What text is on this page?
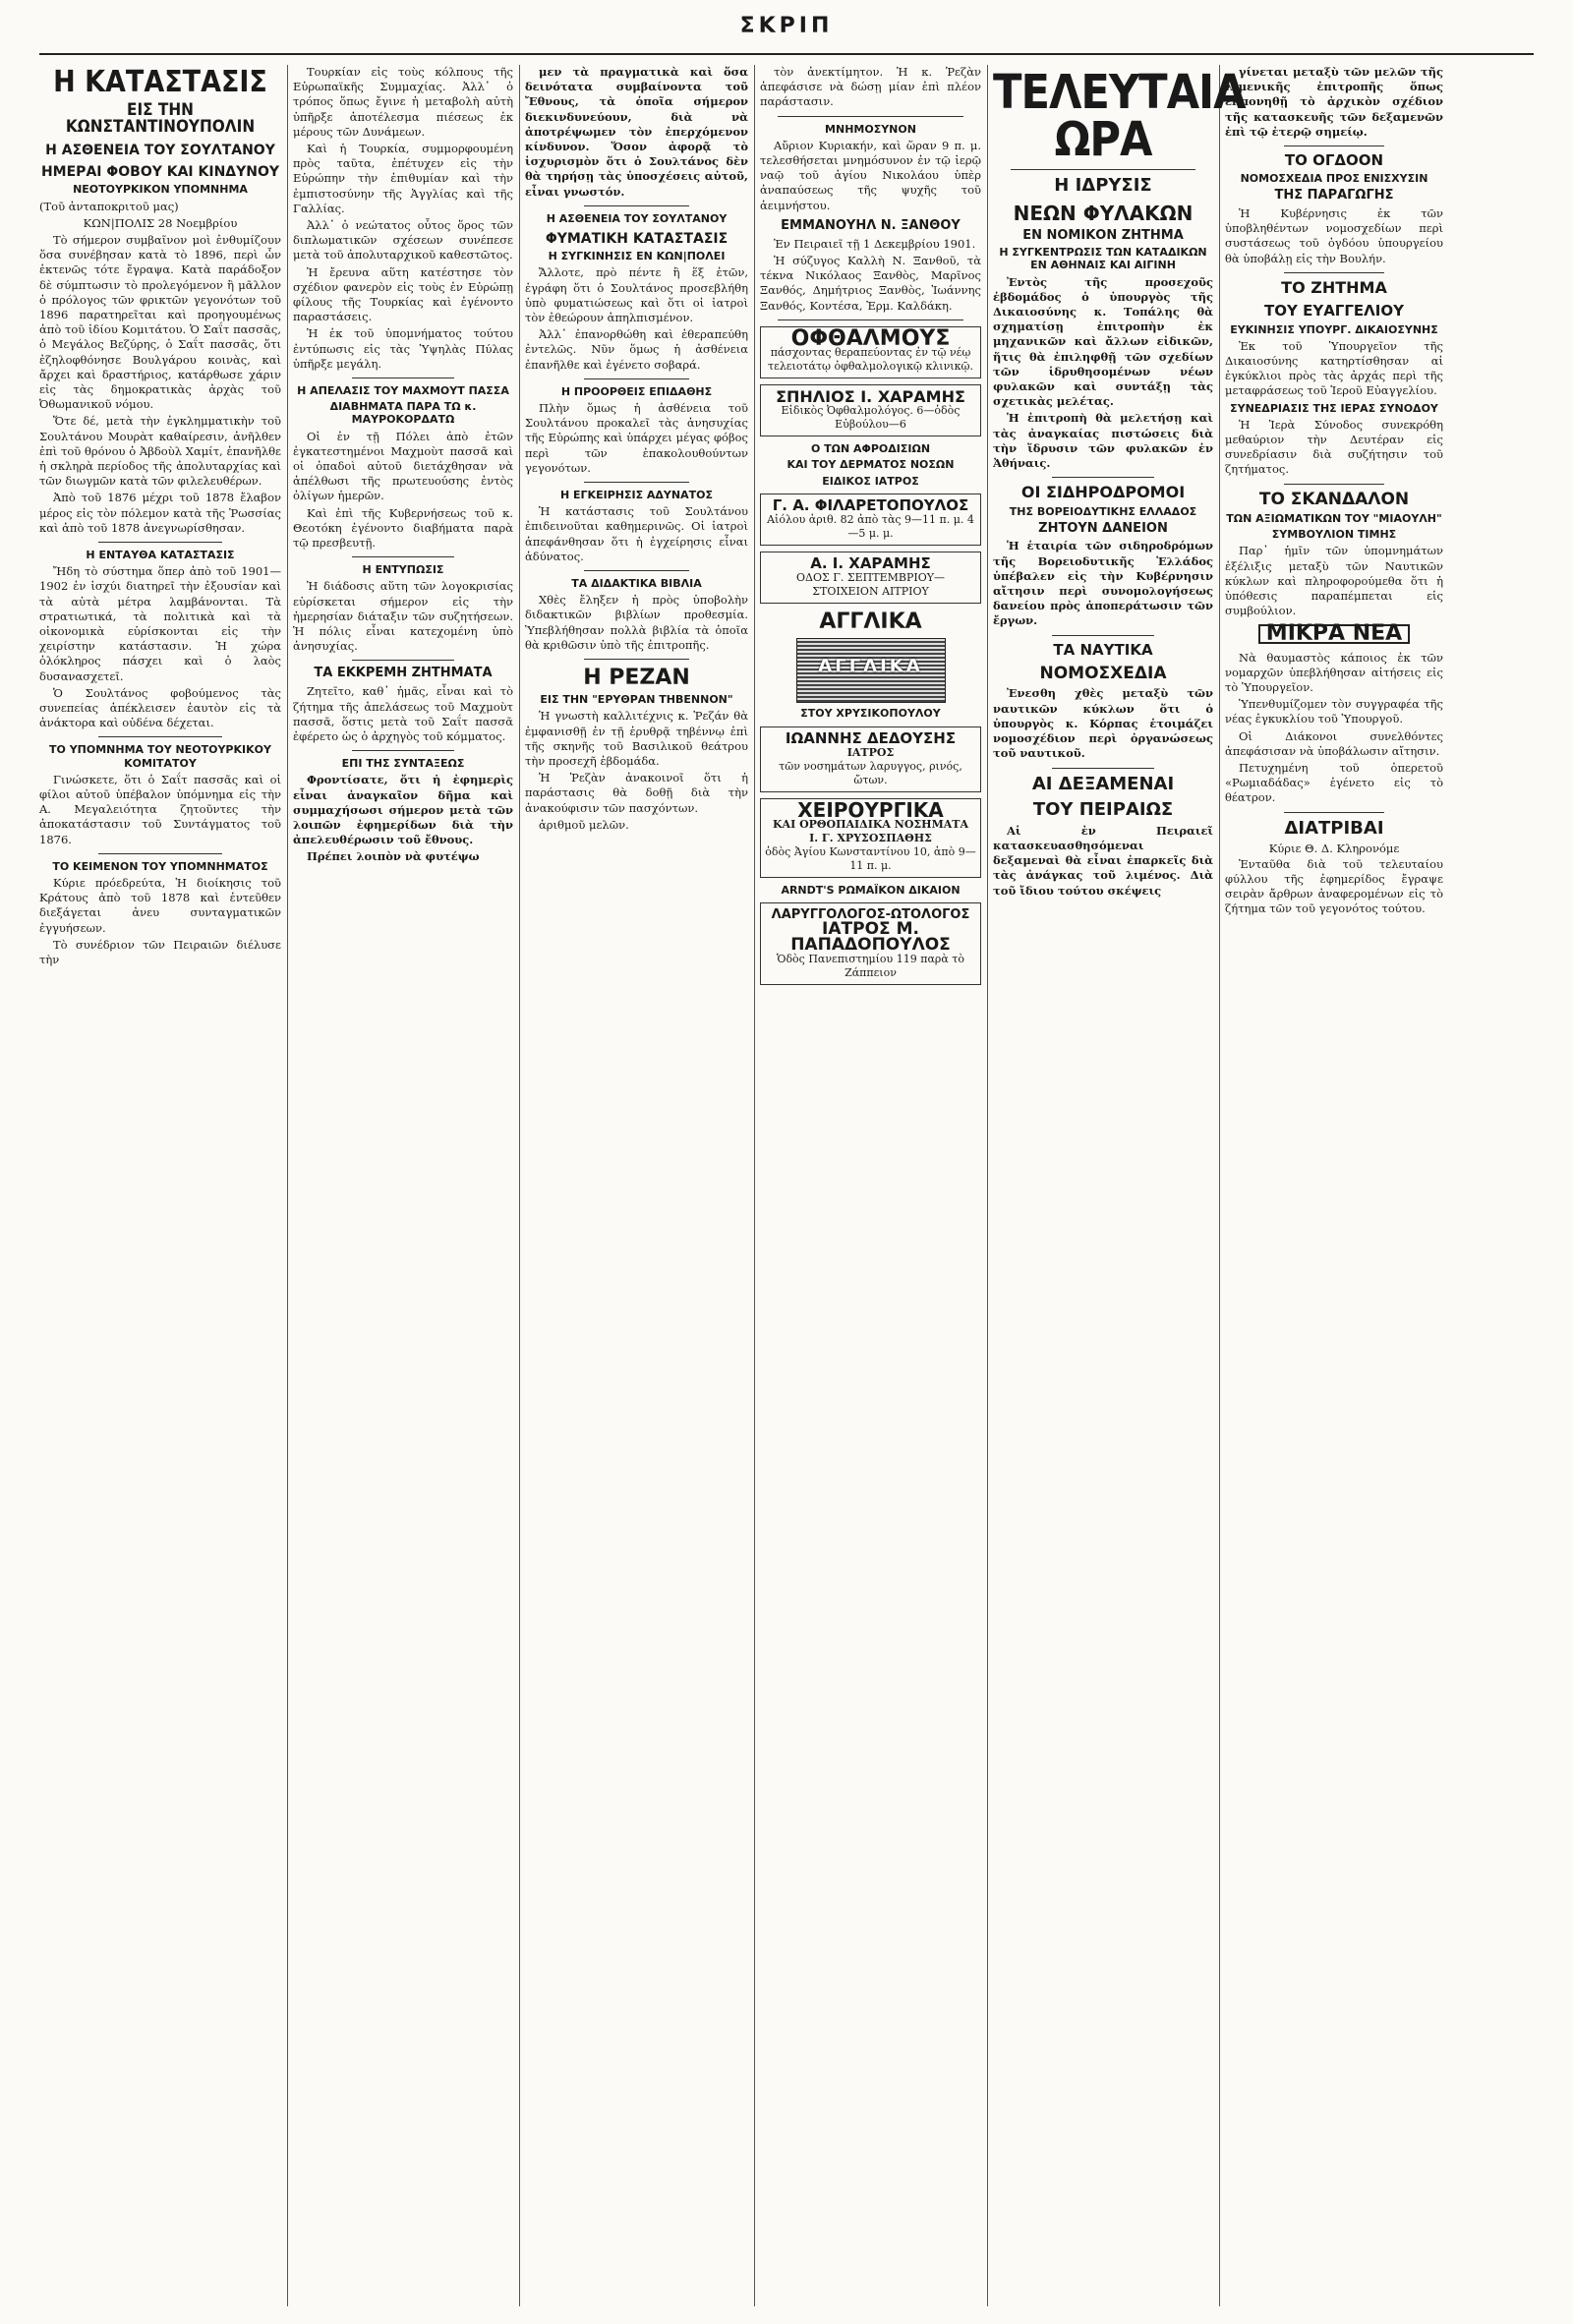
ΣΚΡΙΠ
Η ΚΑΤΑΣΤΑΣΙΣ
ΕΙΣ ΤΗΝ ΚΩΝΣΤΑΝΤΙΝΟΥΠΟΛΙΝ
Η ΑΣΘΕΝΕΙΑ ΤΟΥ ΣΟΥΛΤΑΝΟΥ
ΗΜΕΡΑΙ ΦΟΒΟΥ ΚΑΙ ΚΙΝΔΥΝΟΥ
ΝΕΟΤΟΥΡΚΙΚΟΝ ΥΠΟΜΝΗΜΑ
(Τοῦ ἀνταποκριτοῦ μας)
ΚΩΝ|ΠΟΛΙΣ 28 Νοεμβρίου

Τὸ σήμερον συμβαῖνον μοὶ ἐνθυμίζουν ὅσα συνέβησαν κατὰ τὸ 1896, περὶ ὧν ἐκτενῶς τότε ἔγραψα. Κατὰ παράδοξον δὲ σύμπτωσιν τὸ προλεγόμενον ἢ μᾶλλον ὁ πρόλογος τῶν φρικτῶν γεγονότων τοῦ 1896 παρατηρεῖται καὶ προηγουμένως ἀπὸ τοῦ ἰδίου Κομιτάτου. Ὁ Σαΐτ πασσᾶς, ὁ Μεγάλος Βεζύρης, ὁ Σαΐτ πασσᾶς, ὅτι ἐζηλοφθόνησε Βουλγάρου κοινὰς, καὶ ἄρχει καὶ δραστήριος, κατάρθωσε χάριν εἰς τὰς δημοκρατικὰς ἀρχὰς τοῦ Ὀθωμανικοῦ νόμου.

Ὅτε δέ, μετὰ τὴν ἐγκλημματικὴν τοῦ Σουλτάνου Μουρὰτ καθαίρεσιν, ἀνῆλθεν ἐπὶ τοῦ θρόνου ὁ Ἀβδοὺλ Χαμίτ, ἐπανῆλθε ἡ σκληρὰ περίοδος τῆς ἀπολυταρχίας καὶ τῶν διωγμῶν κατὰ τῶν φιλελευθέρων.

Ἀπὸ τοῦ 1876 μέχρι τοῦ 1878 ἔλαβον μέρος εἰς τὸν πόλεμον κατὰ τῆς Ῥωσσίας καὶ ἀπὸ τοῦ 1878 ἀνεγνωρίσθησαν.

Η ΕΝΤΑΥΘΑ ΚΑΤΑΣΤΑΣΙΣ

Ἤδη τὸ σύστημα ὅπερ ἀπὸ τοῦ 1901—1902 ἐν ἰσχύι διατηρεῖ τὴν ἐξουσίαν καὶ τὰ αὐτὰ μέτρα λαμβάνονται. Τὰ στρατιωτικά, τὰ πολιτικὰ καὶ τὰ οἰκονομικὰ εὑρίσκονται εἰς τὴν χειρίστην κατάστασιν. Ἡ χώρα ὁλόκληρος πάσχει καὶ ὁ λαὸς δυσανασχετεῖ.

Ὁ Σουλτάνος φοβούμενος τὰς συνεπείας ἀπέκλεισεν ἑαυτὸν εἰς τὰ ἀνάκτορα καὶ οὐδένα δέχεται.

ΤΟ ΥΠΟΜΝΗΜΑ ΤΟΥ ΝΕΟΤΟΥΡΚΙΚΟΥ ΚΟΜΙΤΑΤΟΥ

Γινώσκετε, ὅτι ὁ Σαΐτ πασσᾶς καὶ οἱ φίλοι αὐτοῦ ὑπέβαλον ὑπόμνημα εἰς τὴν Α. Μεγαλειότητα ζητοῦντες τὴν ἀποκατάστασιν τοῦ Συντάγματος τοῦ 1876.

ΤΟ ΚΕΙΜΕΝΟΝ ΤΟΥ ΥΠΟΜΝΗΜΑΤΟΣ

Κύριε πρόεδρεύτα, Ἡ διοίκησις τοῦ Κράτους ἀπὸ τοῦ 1878 καὶ ἐντεῦθεν διεξάγεται ἀνευ συνταγματικῶν ἐγγυήσεων.

Τὸ συνέδριον τῶν Πειραιῶν διέλυσε τὴν

Τουρκίαν εἰς τοὺς κόλπους τῆς Εὐρωπαϊκῆς Συμμαχίας. Ἀλλ᾽ ὁ τρόπος ὅπως ἔγινε ἡ μεταβολὴ αὐτὴ ὑπῆρξε ἀποτέλεσμα πιέσεως ἐκ μέρους τῶν Δυνάμεων.

Καὶ ἡ Τουρκία, συμμορφουμένη πρὸς ταῦτα, ἐπέτυχεν εἰς τὴν Εὐρώπην τὴν ἐπιθυμίαν καὶ τὴν ἐμπιστοσύνην τῆς Ἀγγλίας καὶ τῆς Γαλλίας.

Ἀλλ᾽ ὁ νεώτατος οὗτος ὅρος τῶν διπλωματικῶν σχέσεων συνέπεσε μετὰ τοῦ ἀπολυταρχικοῦ καθεστῶτος.

Ἡ ἔρευνα αὕτη κατέστησε τὸν σχέδιον φανερὸν εἰς τοὺς ἐν Εὐρώπῃ φίλους τῆς Τουρκίας καὶ ἐγένοντο παραστάσεις.

Ἡ ἐκ τοῦ ὑπομνήματος τούτου ἐντύπωσις εἰς τὰς Ὑψηλὰς Πύλας ὑπῆρξε μεγάλη.

Η ΑΠΕΛΑΣΙΣ ΤΟΥ ΜΑΧΜΟΥΤ ΠΑΣΣΑ
ΔΙΑΒΗΜΑΤΑ ΠΑΡΑ ΤΩ κ. ΜΑΥΡΟΚΟΡΔΑΤΩ

Οἱ ἐν τῇ Πόλει ἀπὸ ἐτῶν ἐγκατεστημένοι Μαχμοὺτ πασσᾶ καὶ οἱ ὀπαδοὶ αὐτοῦ διετάχθησαν νὰ ἀπέλθωσι τῆς πρωτευούσης ἐντὸς ὀλίγων ἡμερῶν.

Καὶ ἐπὶ τῆς Κυβερνήσεως τοῦ κ. Θεοτόκη ἐγένοντο διαβήματα παρὰ τῷ πρεσβευτῇ.

Η ΕΝΤΥΠΩΣΙΣ

Ἡ διάδοσις αὕτη τῶν λογοκρισίας εὑρίσκεται σήμερον εἰς τὴν ἡμερησίαν διάταξιν τῶν συζητήσεων. Ἡ πόλις εἶναι κατεχομένη ὑπὸ ἀνησυχίας.

ΤΑ ΕΚΚΡΕΜΗ ΖΗΤΗΜΑΤΑ

Ζητεῖτο, καθ᾽ ἡμᾶς, εἶναι καὶ τὸ ζήτημα τῆς ἀπελάσεως τοῦ Μαχμοὺτ πασσᾶ, ὅστις μετὰ τοῦ Σαΐτ πασσᾶ ἐφέρετο ὡς ὁ ἀρχηγὸς τοῦ κόμματος.

ΕΠΙ ΤΗΣ ΣΥΝΤΑΞΕΩΣ

Φροντίσατε, ὅτι ἡ ἐφημερὶς εἶναι ἀναγκαῖον δῆμα καὶ συμμαχήσωσι σήμερον μετὰ τῶν λοιπῶν ἐφημερίδων διὰ τὴν ἀπελευθέρωσιν τοῦ ἔθνους.

Πρέπει λοιπὸν νὰ φυτέψω

μεν τὰ πραγματικὰ καὶ ὅσα δεινότατα συμβαίνοντα τοῦ Ἔθνους, τὰ ὁποῖα σήμερον διεκινδυνεύουν, διὰ νὰ ἀποτρέψωμεν τὸν ἐπερχόμενον κίνδυνον. Ὅσον ἀφορᾷ τὸ ἰσχυρισμὸν ὅτι ὁ Σουλτάνος δὲν θὰ τηρήσῃ τὰς ὑποσχέσεις αὐτοῦ, εἶναι γνωστόν.

Η ΑΣΘΕΝΕΙΑ ΤΟΥ ΣΟΥΛΤΑΝΟΥ
ΦΥΜΑΤΙΚΗ ΚΑΤΑΣΤΑΣΙΣ
Η ΣΥΓΚΙΝΗΣΙΣ ΕΝ ΚΩΝ|ΠΟΛΕΙ

Ἄλλοτε, πρὸ πέντε ἢ ἕξ ἐτῶν, ἐγράφη ὅτι ὁ Σουλτάνος προσεβλήθη ὑπὸ φυματιώσεως καὶ ὅτι οἱ ἰατροὶ τὸν ἐθεώρουν ἀπηλπισμένον.

Ἀλλ᾽ ἐπανορθώθη καὶ ἐθεραπεύθη ἐντελῶς. Νῦν ὅμως ἡ ἀσθένεια ἐπανῆλθε καὶ ἐγένετο σοβαρά.

Η ΠΡΟΟΡΘΕΙΣ ΕΠΙΔΑΘΗΣ

Πλὴν ὅμως ἡ ἀσθένεια τοῦ Σουλτάνου προκαλεῖ τὰς ἀνησυχίας τῆς Εὐρώπης καὶ ὑπάρχει μέγας φόβος περὶ τῶν ἐπακολουθούντων γεγονότων.

Η ΕΓΚΕΙΡΗΣΙΣ ΑΔΥΝΑΤΟΣ

Ἡ κατάστασις τοῦ Σουλτάνου ἐπιδεινοῦται καθημερινῶς. Οἱ ἰατροὶ ἀπεφάνθησαν ὅτι ἡ ἐγχείρησις εἶναι ἀδύνατος.

ΤΑ ΔΙΔΑΚΤΙΚΑ ΒΙΒΛΙΑ

Χθὲς ἔληξεν ἡ πρὸς ὑποβολὴν διδακτικῶν βιβλίων προθεσμία. Ὑπεβλήθησαν πολλὰ βιβλία τὰ ὁποῖα θὰ κριθῶσιν ὑπὸ τῆς ἐπιτροπῆς.

Η ΡΕΖΑΝ
ΕΙΣ ΤΗΝ "ΕΡΥΘΡΑΝ ΤΗΒΕΝΝΟΝ"

Ἡ γνωστὴ καλλιτέχνις κ. Ῥεζάν θὰ ἐμφανισθῇ ἐν τῇ ἐρυθρᾷ τηβέννῳ ἐπὶ τῆς σκηνῆς τοῦ Βασιλικοῦ θεάτρου τὴν προσεχῆ ἑβδομάδα.

Ἡ Ῥεζὰν ἀνακοινοῖ ὅτι ἡ παράστασις θὰ δοθῇ διὰ τὴν ἀνακούφισιν τῶν πασχόντων.

ἀριθμοῦ μελῶν.

τὸν ἀνεκτίμητον. Ἡ κ. Ῥεζὰν ἀπεφάσισε νὰ δώσῃ μίαν ἐπὶ πλέον παράστασιν.

ΜΝΗΜΟΣΥΝΟΝ

Αὔριον Κυριακήν, καὶ ὥραν 9 π. μ. τελεσθήσεται μνημόσυνον ἐν τῷ ἱερῷ ναῷ τοῦ ἁγίου Νικολάου ὑπὲρ ἀναπαύσεως τῆς ψυχῆς τοῦ ἀειμνήστου.

ΕΜΜΑΝΟΥΗΛ Ν. ΞΑΝΘΟΥ

Ἐν Πειραιεῖ τῇ 1 Δεκεμβρίου 1901.

Ἡ σύζυγος Καλλὴ Ν. Ξανθοῦ, τὰ τέκνα Νικόλαος Ξανθὸς, Μαρῖνος Ξανθός, Δημήτριος Ξανθὸς, Ἰωάννης Ξανθός, Κοντέσα, Ἑρμ. Καλδάκη.

ΟΦΘΑΛΜΟΥΣ
πάσχοντας θεραπεύοντας ἐν τῷ νέῳ τελειοτάτῳ ὀφθαλμολογικῷ κλινικῷ.
ΣΠΗΛΙΟΣ Ι. ΧΑΡΑΜΗΣ
Εἰδικὸς Ὀφθαλμολόγος. 6—ὁδὸς Εὐβούλου—6
Ο ΤΩΝ ΑΦΡΟΔΙΣΙΩΝ
ΚΑΙ ΤΟΥ ΔΕΡΜΑΤΟΣ ΝΟΣΩΝ
ΕΙΔΙΚΟΣ ΙΑΤΡΟΣ
Γ. Α. ΦΙΛΑΡΕΤΟΠΟΥΛΟΣ
Αἰόλου ἀριθ. 82 ἀπὸ τὰς 9—11 π. μ. 4—5 μ. μ.
Α. Ι. ΧΑΡΑΜΗΣ
ΟΔΟΣ Γ. ΣΕΠΤΕΜΒΡΙΟΥ—ΣΤΟΙΧΕΙΟΝ ΑΙΤΡΙΟΥ
ΑΓΓΛΙΚΑ
ΑΓΓΛΙΚΑ
ΣΤΟΥ ΧΡΥΣΙΚΟΠΟΥΛΟΥ
ΙΩΑΝΝΗΣ ΔΕΔΟΥΣΗΣ
ΙΑΤΡΟΣ
τῶν νοσημάτων λαρυγγος, ρινός, ὤτων.
ΧΕΙΡΟΥΡΓΙΚΑ
ΚΑΙ ΟΡΘΟΠΑΙΔΙΚΑ ΝΟΣΗΜΑΤΑ
Ι. Γ. ΧΡΥΣΟΣΠΑΘΗΣ
ὁδὸς Ἀγίου Κωνσταντίνου 10, ἀπὸ 9—11 π. μ.
ARNDT'S ΡΩΜΑΪΚΟΝ ΔΙΚΑΙΟΝ
ΛΑΡΥΓΓΟΛΟΓΟΣ-ΩΤΟΛΟΓΟΣ
ΙΑΤΡΟΣ Μ. ΠΑΠΑΔΟΠΟΥΛΟΣ
Ὁδὸς Πανεπιστημίου 119 παρὰ τὸ Ζάππειον
ΤΕΛΕΥΤΑΙΑ ΩΡΑ
Η ΙΔΡΥΣΙΣ
ΝΕΩΝ ΦΥΛΑΚΩΝ
ΕΝ ΝΟΜΙΚΟΝ ΖΗΤΗΜΑ
Η ΣΥΓΚΕΝΤΡΩΣΙΣ ΤΩΝ ΚΑΤΑΔΙΚΩΝ ΕΝ ΑΘΗΝΑΙΣ ΚΑΙ ΑΙΓΙΝΗ

Ἐντὸς τῆς προσεχοῦς ἑβδομάδος ὁ ὑπουργὸς τῆς Δικαιοσύνης κ. Τοπάλης θὰ σχηματίσῃ ἐπιτροπὴν ἐκ μηχανικῶν καὶ ἄλλων εἰδικῶν, ἥτις θὰ ἐπιληφθῇ τῶν σχεδίων τῶν ἱδρυθησομένων νέων φυλακῶν καὶ συντάξῃ τὰς σχετικὰς μελέτας.

Ἡ ἐπιτροπὴ θὰ μελετήσῃ καὶ τὰς ἀναγκαίας πιστώσεις διὰ τὴν ἵδρυσιν τῶν φυλακῶν ἐν Ἀθήναις.

ΟΙ ΣΙΔΗΡΟΔΡΟΜΟΙ
ΤΗΣ ΒΟΡΕΙΟΔΥΤΙΚΗΣ ΕΛΛΑΔΟΣ
ΖΗΤΟΥΝ ΔΑΝΕΙΟΝ

Ἡ ἑταιρία τῶν σιδηροδρόμων τῆς Βορειοδυτικῆς Ἑλλάδος ὑπέβαλεν εἰς τὴν Κυβέρνησιν αἴτησιν περὶ συνομολογήσεως δανείου πρὸς ἀποπεράτωσιν τῶν ἔργων.

ΤΑ ΝΑΥΤΙΚΑ
ΝΟΜΟΣΧΕΔΙΑ

Ἐνεσθη χθὲς μεταξὺ τῶν ναυτικῶν κύκλων ὅτι ὁ ὑπουργὸς κ. Κόρπας ἑτοιμάζει νομοσχέδιον περὶ ὀργανώσεως τοῦ ναυτικοῦ.

ΑΙ ΔΕΞΑΜΕΝΑΙ
ΤΟΥ ΠΕΙΡΑΙΩΣ

Αἱ ἐν Πειραιεῖ κατασκευασθησόμεναι δεξαμεναὶ θὰ εἶναι ἐπαρκεῖς διὰ τὰς ἀνάγκας τοῦ λιμένος. Διὰ τοῦ ἴδιου τούτου σκέψεις

γίνεται μεταξὺ τῶν μελῶν τῆς λιμενικῆς ἐπιτροπῆς ὅπως ἐκπονηθῇ τὸ ἀρχικὸν σχέδιον τῆς κατασκευῆς τῶν δεξαμενῶν ἐπὶ τῷ ἐτερῷ σημείῳ.

ΤΟ ΟΓΔΟΟΝ
ΝΟΜΟΣΧΕΔΙΑ ΠΡΟΣ ΕΝΙΣΧΥΣΙΝ
ΤΗΣ ΠΑΡΑΓΩΓΗΣ

Ἡ Κυβέρνησις ἐκ τῶν ὑποβληθέντων νομοσχεδίων περὶ συστάσεως τοῦ ὀγδόου ὑπουργείου θὰ ὑποβάλῃ εἰς τὴν Βουλήν.

ΤΟ ΖΗΤΗΜΑ
ΤΟΥ ΕΥΑΓΓΕΛΙΟΥ
ΕΥΚΙΝΗΣΙΣ ΥΠΟΥΡΓ. ΔΙΚΑΙΟΣΥΝΗΣ

Ἐκ τοῦ Ὑπουργεῖον τῆς Δικαιοσύνης κατηρτίσθησαν αἱ ἐγκύκλιοι πρὸς τὰς ἀρχάς περὶ τῆς μεταφράσεως τοῦ Ἱεροῦ Εὐαγγελίου.

ΣΥΝΕΔΡΙΑΣΙΣ ΤΗΣ ΙΕΡΑΣ ΣΥΝΟΔΟΥ

Ἡ Ἱερὰ Σύνοδος συνεκρόθη μεθαύριον τὴν Δευτέραν εἰς συνεδρίασιν διὰ συζήτησιν τοῦ ζητήματος.

ΤΟ ΣΚΑΝΔΑΛΟΝ
ΤΩΝ ΑΞΙΩΜΑΤΙΚΩΝ ΤΟΥ "ΜΙΑΟΥΛΗ"
ΣΥΜΒΟΥΛΙΟΝ ΤΙΜΗΣ

Παρ᾽ ἡμῖν τῶν ὑπομνημάτων ἐξέλιξις μεταξὺ τῶν Ναυτικῶν κύκλων καὶ πληροφορούμεθα ὅτι ἡ ὑπόθεσις παραπέμπεται εἰς συμβούλιον.

ΜΙΚΡΑ ΝΕΑ

Νὰ θαυμαστὸς κάποιος ἐκ τῶν νομαρχῶν ὑπεβλήθησαν αἰτήσεις εἰς τὸ Ὑπουργεῖον.

Ὑπενθυμίζομεν τὸν συγγραφέα τῆς νέας ἐγκυκλίου τοῦ Ὑπουργοῦ.

Οἱ Διάκονοι συνελθόντες ἀπεφάσισαν νὰ ὑποβάλωσιν αἴτησιν.

Πετυχημένη τοῦ ὀπερετοῦ «Ρωμιαδάδας» ἐγένετο εἰς τὸ θέατρον.

ΔΙΑΤΡΙΒΑΙ
Κύριε Θ. Δ. Κληρονόμε

Ἐνταῦθα διὰ τοῦ τελευταίου φύλλου τῆς ἐφημερίδος ἔγραψε σειρὰν ἄρθρων ἀναφερομένων εἰς τὸ ζήτημα τῶν τοῦ γεγονότος τούτου.
